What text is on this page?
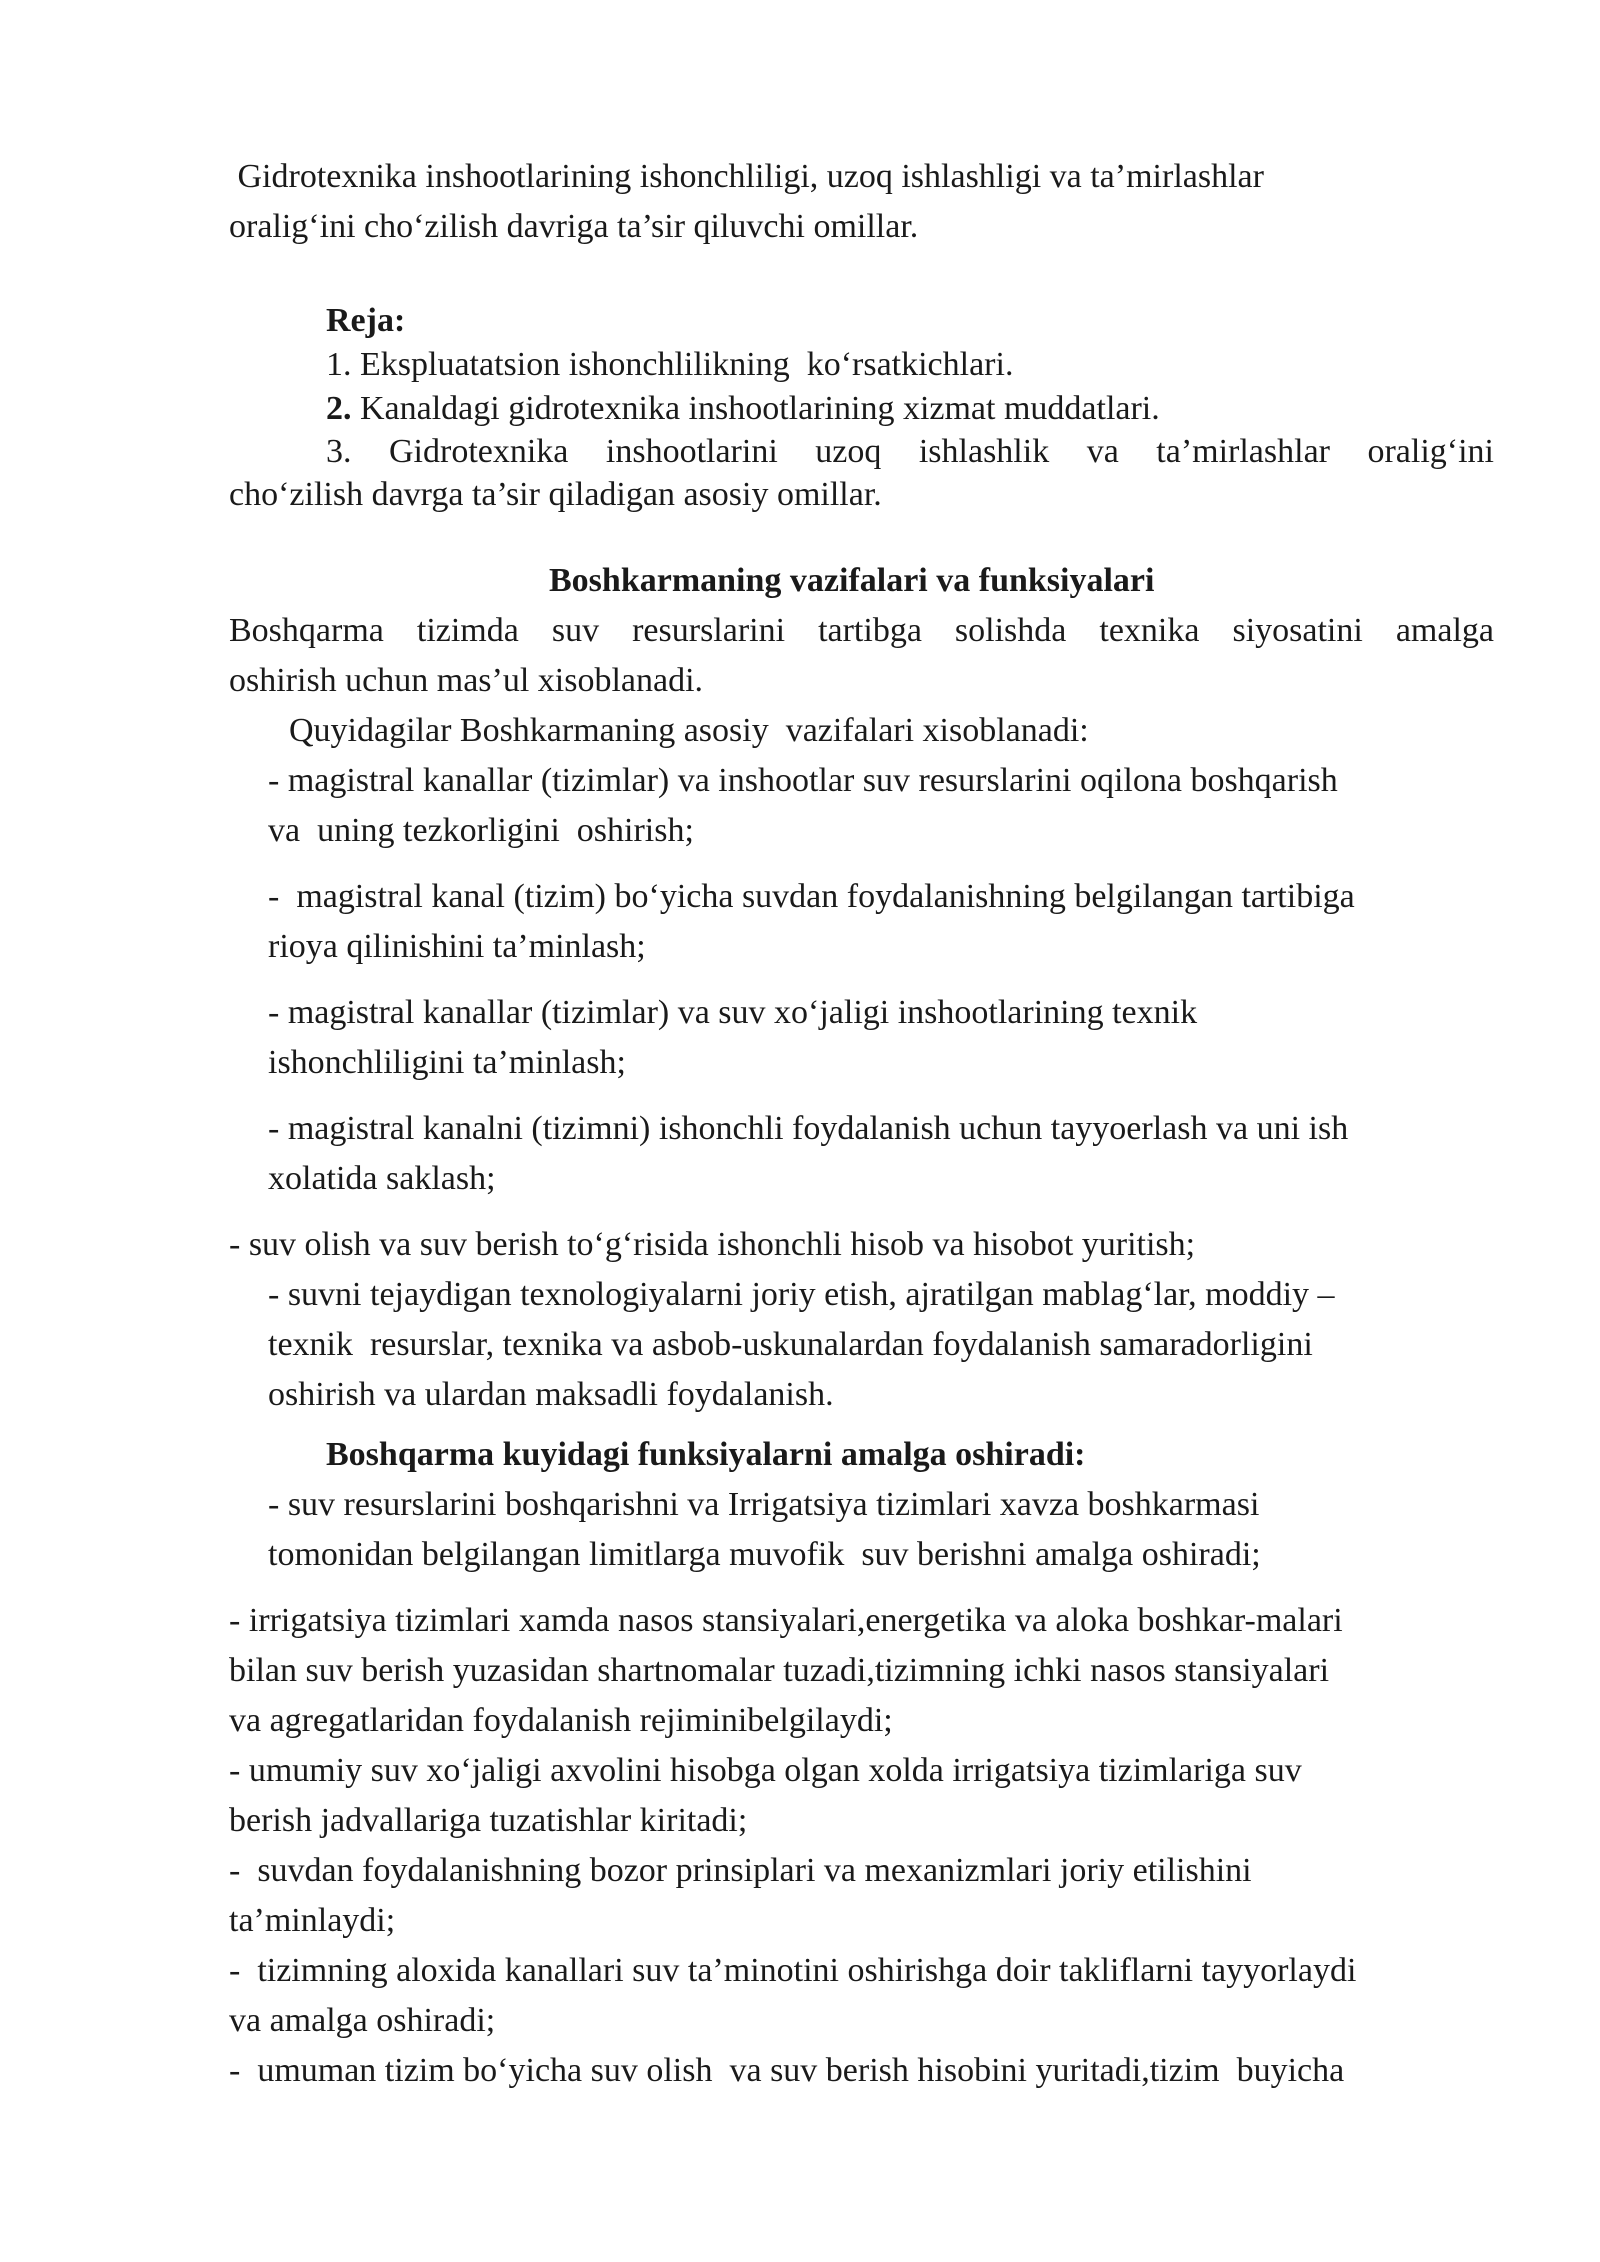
Gidrotexnika inshootlarining ishonchliligi, uzoq ishlashligi va ta’mirlashlar

oralig‘ini cho‘zilish davriga ta’sir qiluvchi omillar.

Reja:

1. Ekspluatatsion ishonchlilikning  ko‘rsatkichlari.

2. Kanaldagi gidrotexnika inshootlarining xizmat muddatlari.

3. Gidrotexnika inshootlarini uzoq ishlashlik va ta’mirlashlar oralig‘ini

cho‘zilish davrga ta’sir qiladigan asosiy omillar.

Boshkarmaning vazifalari va funksiyalari

Boshqarma tizimda suv resurslarini tartibga solishda texnika siyosatini amalga

oshirish uchun mas’ul xisoblanadi.

Quyidagilar Boshkarmaning asosiy  vazifalari xisoblanadi:

- magistral kanallar (tizimlar) va inshootlar suv resurslarini oqilona boshqarish

va  uning tezkorligini  oshirish;

-  magistral kanal (tizim) bo‘yicha suvdan foydalanishning belgilangan tartibiga

rioya qilinishini ta’minlash;

- magistral kanallar (tizimlar) va suv xo‘jaligi inshootlarining texnik

ishonchliligini ta’minlash;

- magistral kanalni (tizimni) ishonchli foydalanish uchun tayyoerlash va uni ish

xolatida saklash;

- suv olish va suv berish to‘g‘risida ishonchli hisob va hisobot yuritish;

- suvni tejaydigan texnologiyalarni joriy etish, ajratilgan mablag‘lar, moddiy –

texnik  resurslar, texnika va asbob-uskunalardan foydalanish samaradorligini

oshirish va ulardan maksadli foydalanish.

Boshqarma kuyidagi funksiyalarni amalga oshiradi:

- suv resurslarini boshqarishni va Irrigatsiya tizimlari xavza boshkarmasi

tomonidan belgilangan limitlarga muvofik  suv berishni amalga oshiradi;

- irrigatsiya tizimlari xamda nasos stansiyalari,energetika va aloka boshkar-malari

bilan suv berish yuzasidan shartnomalar tuzadi,tizimning ichki nasos stansiyalari

va agregatlaridan foydalanish rejiminibelgilaydi;

- umumiy suv xo‘jaligi axvolini hisobga olgan xolda irrigatsiya tizimlariga suv

berish jadvallariga tuzatishlar kiritadi;

-  suvdan foydalanishning bozor prinsiplari va mexanizmlari joriy etilishini

ta’minlaydi;

-  tizimning aloxida kanallari suv ta’minotini oshirishga doir takliflarni tayyorlaydi

va amalga oshiradi;

-  umuman tizim bo‘yicha suv olish  va suv berish hisobini yuritadi,tizim  buyicha
